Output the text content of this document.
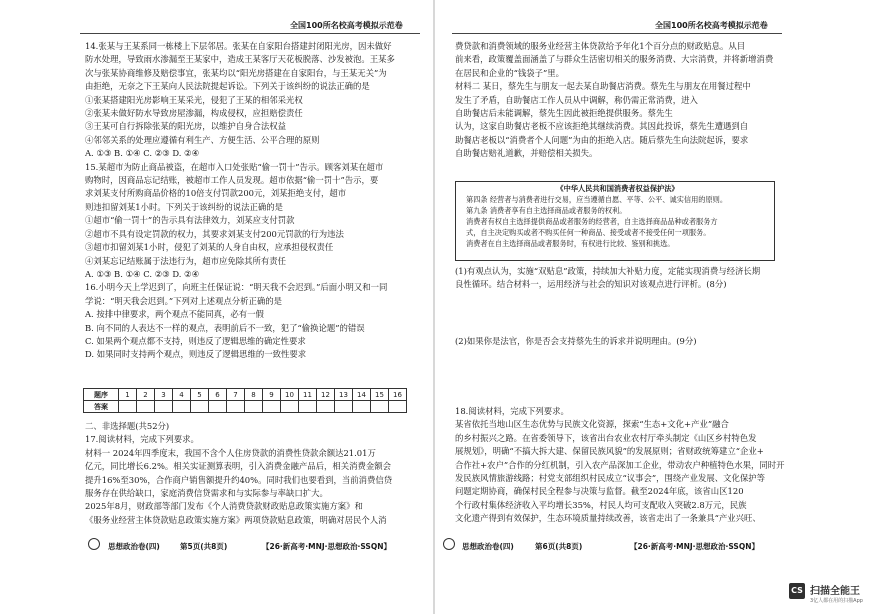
全国100所名校高考模拟示范卷	全国100所名校高考模拟示范卷
14.张某与王某系同一栋楼上下层邻居。张某在自家阳台搭建封闭阳光房，因未做好
防水处理，导致雨水渗漏至王某家中，造成王某客厅天花板脱落、沙发被泡。王某多
次与张某协商维修及赔偿事宜，张某均以“阳光房搭建在自家阳台，与王某无关”为
由拒绝，无奈之下王某向人民法院提起诉讼。下列关于该纠纷的说法正确的是
①张某搭建阳光房影响王某采光，侵犯了王某的相邻采光权
②张某未做好防水导致房屋渗漏，构成侵权，应担赔偿责任
③王某可自行拆除张某的阳光房，以维护自身合法权益
④邻邻关系的处理应遵循有利生产、方便生活、公平合理的原则
A. ①③ B. ①④ C. ②③ D. ②④
15.某超市为防止商品被盗，在超市入口处张贴“偷一罚十”告示。顾客刘某在超市
购物时，因商品忘记结账，被超市工作人员发现。超市依据“偷一罚十”告示，要
求刘某支付所购商品价格的10倍支付罚款200元，刘某拒绝支付，超市
则违扣留刘某1小时。下列关于该纠纷的说法正确的是
①超市“偷一罚十”的告示具有法律效力，刘某应支付罚款
②超市不具有设定罚款的权力，其要求刘某支付200元罚款的行为违法
③超市扣留刘某1小时，侵犯了刘某的人身自由权，应承担侵权责任
④刘某忘记结账属于法违行为，超市应免除其所有责任
A. ①③ B. ①④ C. ②③ D. ②④
16.小明今天上学迟到了，向班主任保证说：“明天我不会迟到。”后面小明又和一同
学说：“明天我会迟到。”下列对上述观点分析正确的是
A. 按排中律要求，两个观点不能同真，必有一假
B. 向不同的人表达不一样的观点，表明前后不一致，犯了“偷换论题”的错误
C. 如果两个观点都不支持，则违反了逻辑思维的确定性要求
D. 如果同时支持两个观点，则违反了逻辑思维的一致性要求
题序	1	2	3	4	5	6	7	8	9	10	11	12	13	14	15	16
答案																
二、非选择题(共52分)
17.阅读材料，完成下列要求。
材料一 2024年四季度末，我国不含个人住房贷款的消费性贷款余额达21.01万
亿元，同比增长6.2%。相关实证测算表明，引入消费金融产品后，相关消费金额会
提升16%至30%，合作商户销售额提升约40%。同时我们也要看到，当前消费信贷
服务存在供给缺口，家庭消费信贷需求和与实际参与率缺口扩大。
2025年8月，财政部等部门发布《个人消费贷款财政贴息政策实施方案》和
《服务业经营主体贷款贴息政策实施方案》两项贷款贴息政策，明确对居民个人消
费贷款和消费领域的服务业经营主体贷款给予年化1个百分点的财政贴息。从目
前来看，政策覆盖面涵盖了与群众生活密切相关的服务消费、大宗消费，并将新增消费
在居民和企业的“钱袋子”里。
材料二 某日，蔡先生与朋友一起去某自助餐店消费。蔡先生与朋友在用餐过程中
发生了矛盾，自助餐店工作人员从中调解，称仍需正常消费，进入
自助餐店后未能调解，蔡先生因此被拒绝提供服务。蔡先生
认为，这家自助餐店老板不应该拒绝其继续消费。其因此投诉，蔡先生遭遇到自
助餐店老板以“消费者个人问题”为由的拒绝入店。随后蔡先生向法院起诉，要求
自助餐店赔礼道歉，并赔偿相关损失。
《中华人民共和国消费者权益保护法》
第四条 经营者与消费者进行交易，应当遵循自愿、平等、公平、诚实信用的原则。
第九条 消费者享有自主选择商品或者服务的权利。
消费者有权自主选择提供商品或者服务的经营者，自主选择商品品种或者服务方
式，自主决定购买或者不购买任何一种商品、接受或者不接受任何一项服务。
消费者在自主选择商品或者服务时，有权进行比较、鉴别和挑选。
(1)有观点认为，实施“双贴息”政策，持续加大补贴力度，定能实现消费与经济长期
良性循环。结合材料一，运用经济与社会的知识对该观点进行评析。(8分)
(2)如果你是法官，你是否会支持蔡先生的诉求并说明理由。(9分)
18.阅读材料，完成下列要求。
某省依托当地山区生态优势与民族文化资源，探索“生态+文化+产业”融合
的乡村振兴之路。在省委领导下，该省出台农业农村厅牵头制定《山区乡村特色发
展规划》，明确“不搞大拆大建、保留民族风貌”的发展原则；省财政统筹建立“企业+
合作社+农户”合作的分红机制，引入农产品深加工企业，带动农户种植特色水果，同时开
发民族风情旅游线路；村党支部组织村民成立“议事会”，围绕产业发展、文化保护等
问题定期协商，确保村民全程参与决策与监督。截至2024年底，该省山区120
个行政村集体经济收入平均增长35%，村民人均可支配收入突破2.8万元，民族
文化遗产得到有效保护，生态环境质量持续改善，该省走出了一条兼具“产业兴旺、
思想政治卷(四)	第5页(共8页)	【26·新高考·MNJ·思想政治·SSQN】	思想政治卷(四)	第6页(共8页)	【26·新高考·MNJ·思想政治·SSQN】
CS 扫描全能王
3亿人都在用的扫描App
